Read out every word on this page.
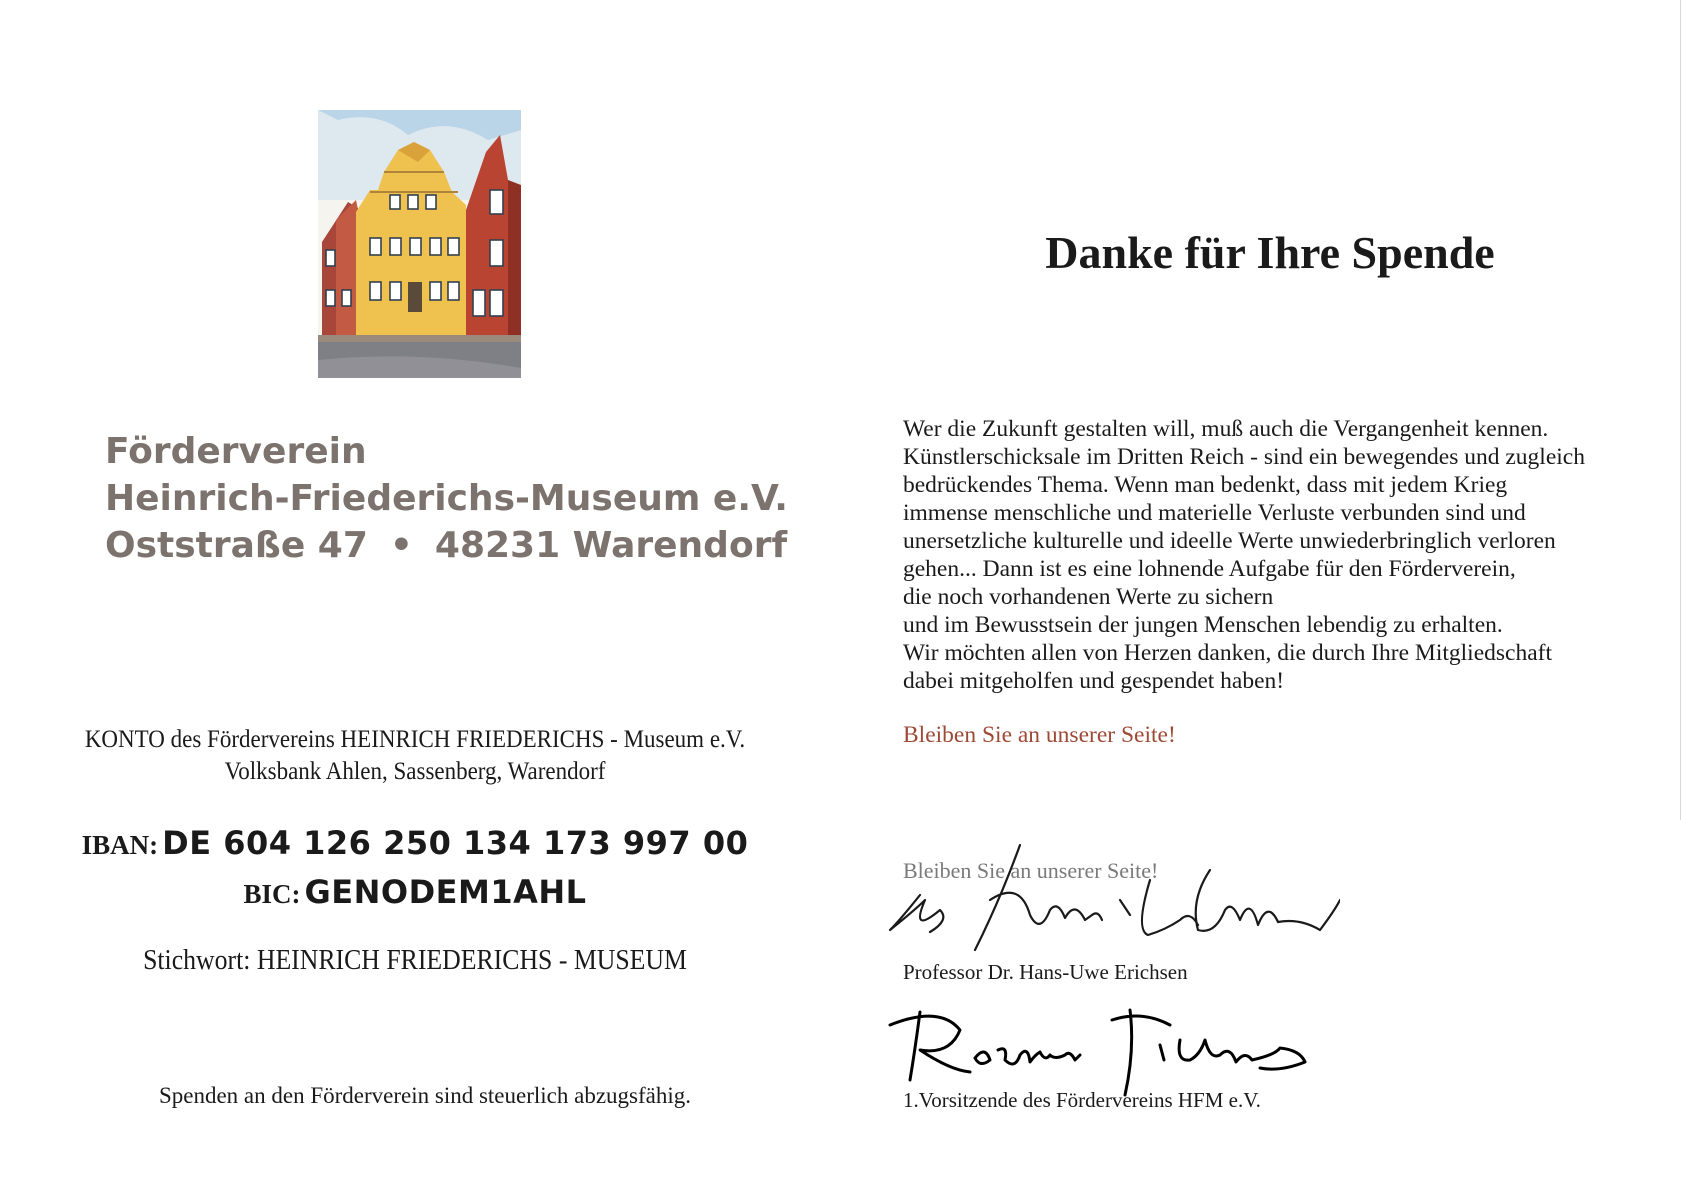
Förderverein
Heinrich-Friederichs-Museum e.V.
Oststraße 47 • 48231 Warendorf
KONTO des Fördervereins HEINRICH FRIEDERICHS - Museum e.V.
Volksbank Ahlen, Sassenberg, Warendorf
IBAN: DE 604 126 250 134 173 997 00
BIC: GENODEM1AHL
Stichwort: HEINRICH FRIEDERICHS - MUSEUM
Spenden an den Förderverein sind steuerlich abzugsfähig.
Danke für Ihre Spende

Wer die Zukunft gestalten will, muß auch die Vergangenheit kennen.

Künstlerschicksale im Dritten Reich - sind ein bewegendes und zugleich

bedrückendes Thema. Wenn man bedenkt, dass mit jedem Krieg

immense menschliche und materielle Verluste verbunden sind und

unersetzliche kulturelle und ideelle Werte unwiederbringlich verloren

gehen... Dann ist es eine lohnende Aufgabe für den Förderverein,

die noch vorhandenen Werte zu sichern

und im Bewusstsein der jungen Menschen lebendig zu erhalten.

Wir möchten allen von Herzen danken, die durch Ihre Mitgliedschaft

dabei mitgeholfen und gespendet haben!

Bleiben Sie an unserer Seite!
Bleiben Sie an unserer Seite!
Professor Dr. Hans-Uwe Erichsen
1.Vorsitzende des Fördervereins HFM e.V.
